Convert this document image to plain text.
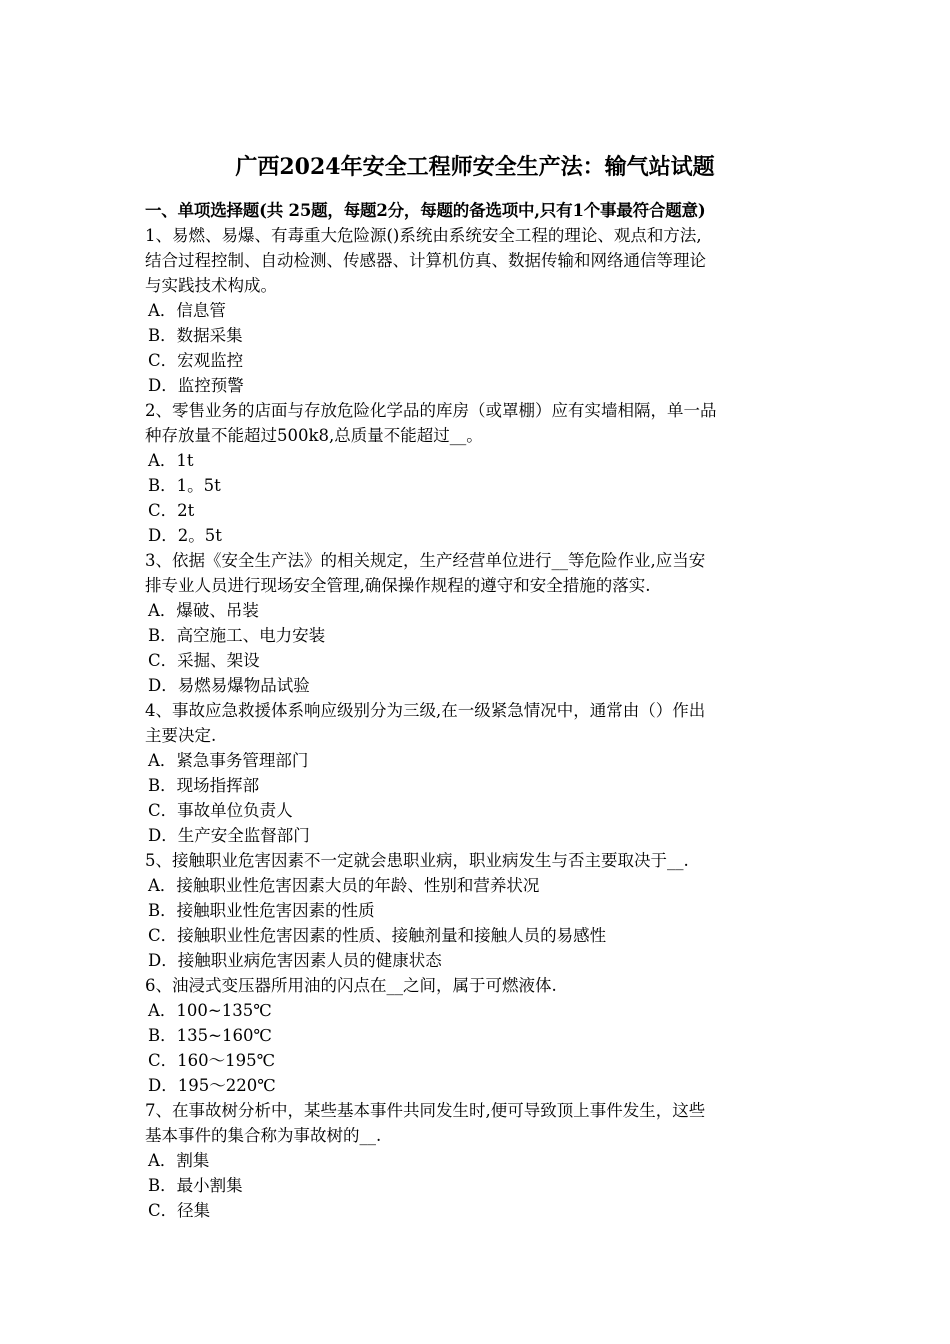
广西2024年安全工程师安全生产法：输气站试题
一、单项选择题(共 25题，每题2分，每题的备选项中,只有1个事最符合题意)
1、易燃、易爆、有毒重大危险源()系统由系统安全工程的理论、观点和方法,
结合过程控制、自动检测、传感器、计算机仿真、数据传输和网络通信等理论
与实践技术构成。
A．信息管
B．数据采集
C．宏观监控
D．监控预警
2、零售业务的店面与存放危险化学品的库房（或罩棚）应有实墙相隔，单一品
种存放量不能超过500k8,总质量不能超过__。
A．1t
B．1。5t
C．2t
D．2。5t
3、依据《安全生产法》的相关规定，生产经营单位进行__等危险作业,应当安
排专业人员进行现场安全管理,确保操作规程的遵守和安全措施的落实.
A．爆破、吊装
B．高空施工、电力安装
C．采掘、架设
D．易燃易爆物品试验
4、事故应急救援体系响应级别分为三级,在一级紧急情况中，通常由（）作出
主要决定.
A．紧急事务管理部门
B．现场指挥部
C．事故单位负责人
D．生产安全监督部门
5、接触职业危害因素不一定就会患职业病，职业病发生与否主要取决于__.
A．接触职业性危害因素大员的年龄、性别和营养状况
B．接触职业性危害因素的性质
C．接触职业性危害因素的性质、接触剂量和接触人员的易感性
D．接触职业病危害因素人员的健康状态
6、油浸式变压器所用油的闪点在__之间，属于可燃液体.
A．100~135℃
B．135~160℃
C．160～195℃
D．195～220℃
7、在事故树分析中，某些基本事件共同发生时,便可导致顶上事件发生，这些
基本事件的集合称为事故树的__.
A．割集
B．最小割集
C．径集
